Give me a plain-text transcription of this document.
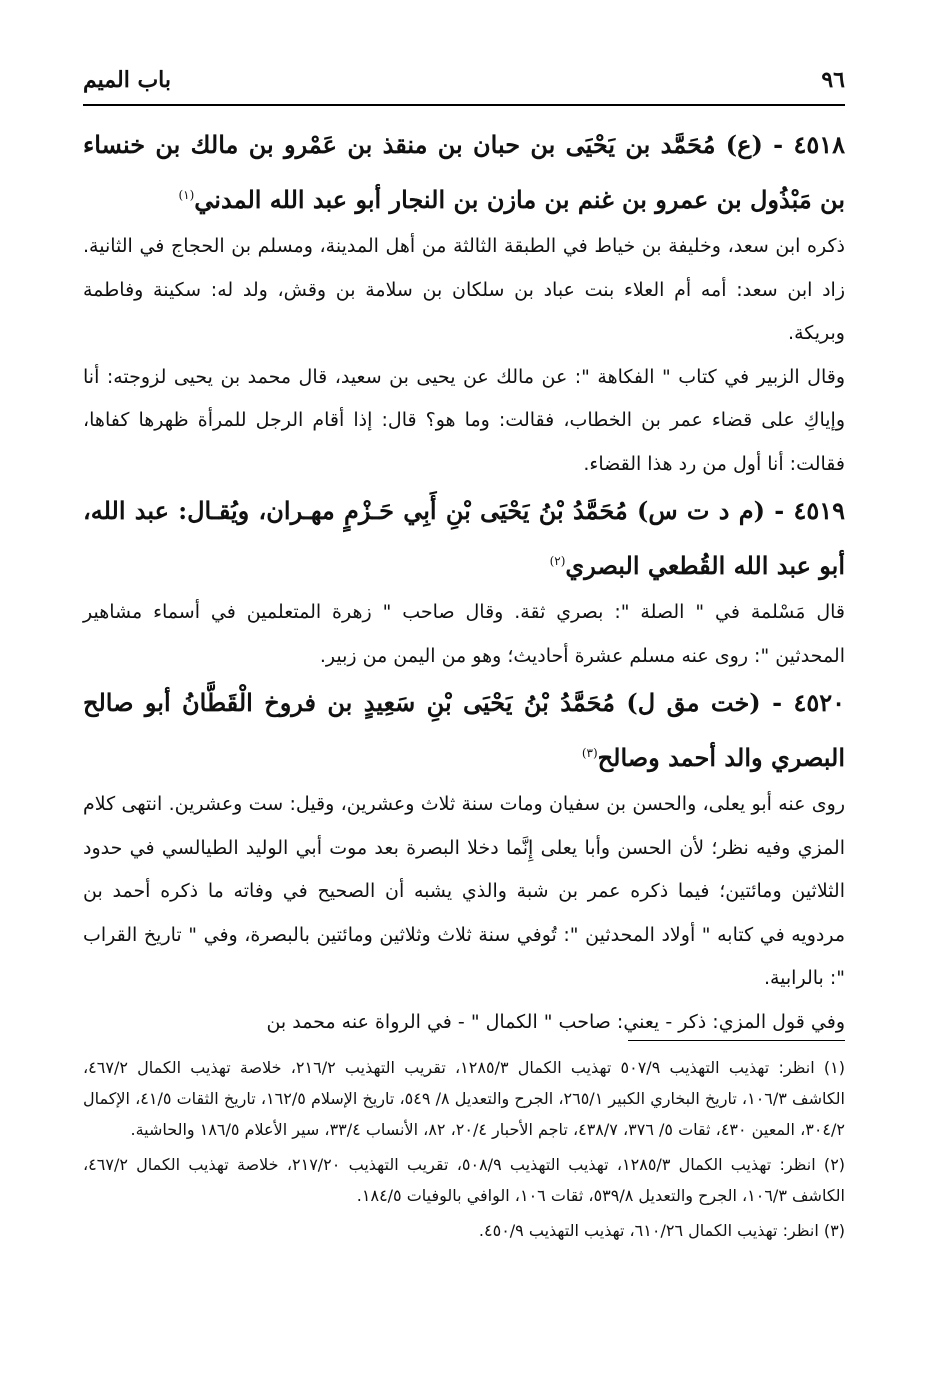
٩٦
باب الميم

٤٥١٨ - (ع) مُحَمَّد بن يَحْيَى بن حبان بن منقذ بن عَمْرو بن مالك بن خنساء بن مَبْذُول بن عمرو بن غنم بن مازن بن النجار أبو عبد الله المدني$^{(١)}$

ذكره ابن سعد، وخليفة بن خياط في الطبقة الثالثة من أهل المدينة، ومسلم بن الحجاج في الثانية. زاد ابن سعد: أمه أم العلاء بنت عباد بن سلكان بن سلامة بن وقش، ولد له: سكينة وفاطمة وبريكة.

وقال الزبير في كتاب " الفكاهة ": عن مالك عن يحيى بن سعيد، قال محمد بن يحيى لزوجته: أنا وإياكِ على قضاء عمر بن الخطاب، فقالت: وما هو؟ قال: إذا أقام الرجل للمرأة ظهرها كفاها، فقالت: أنا أول من رد هذا القضاء.

٤٥١٩ - (م د ت س) مُحَمَّدُ بْنُ يَحْيَى بْنِ أَبِي حَـزْمٍ مهـران، ويُقـال: عبد الله، أبو عبد الله القُطعي البصري$^{(٢)}$

قال مَسْلمة في " الصلة ": بصري ثقة. وقال صاحب " زهرة المتعلمين في أسماء مشاهير المحدثين ": روى عنه مسلم عشرة أحاديث؛ وهو من اليمن من زبير.

٤٥٢٠ - (خت مق ل) مُحَمَّدُ بْنُ يَحْيَى بْنِ سَعِيدٍ بن فروخ الْقَطَّانُ أبو صالح البصري والد أحمد وصالح$^{(٣)}$

روى عنه أبو يعلى، والحسن بن سفيان ومات سنة ثلاث وعشرين، وقيل: ست وعشرين. انتهى كلام المزي وفيه نظر؛ لأن الحسن وأبا يعلى إِنَّما دخلا البصرة بعد موت أبي الوليد الطيالسي في حدود الثلاثين ومائتين؛ فيما ذكره عمر بن شبة والذي يشبه أن الصحيح في وفاته ما ذكره أحمد بن مردويه في كتابه " أولاد المحدثين ": تُوفي سنة ثلاث وثلاثين ومائتين بالبصرة، وفي " تاريخ القراب ": بالرابية.

وفي قول المزي: ذكر - يعني: صاحب " الكمال " - في الرواة عنه محمد بن

(١) انظر: تهذيب التهذيب ٥٠٧/٩ تهذيب الكمال ١٢٨٥/٣، تقريب التهذيب ٢١٦/٢، خلاصة تهذيب الكمال ٤٦٧/٢، الكاشف ١٠٦/٣، تاريخ البخاري الكبير ٢٦٥/١، الجرح والتعديل ٨/ ٥٤٩، تاريخ الإسلام ١٦٢/٥، تاريخ الثقات ٤١/٥، الإكمال ٣٠٤/٢، المعين ٤٣٠، ثقات ٥/ ٣٧٦، ٤٣٨/٧، تاجم الأحبار ٢٠/٤، ٨٢، الأنساب ٣٣/٤، سير الأعلام ١٨٦/٥ والحاشية.

(٢) انظر: تهذيب الكمال ١٢٨٥/٣، تهذيب التهذيب ٥٠٨/٩، تقريب التهذيب ٢١٧/٢٠، خلاصة تهذيب الكمال ٤٦٧/٢، الكاشف ١٠٦/٣، الجرح والتعديل ٥٣٩/٨، ثقات ١٠٦، الوافي بالوفيات ١٨٤/٥.

(٣) انظر: تهذيب الكمال ٦١٠/٢٦، تهذيب التهذيب ٤٥٠/٩.
